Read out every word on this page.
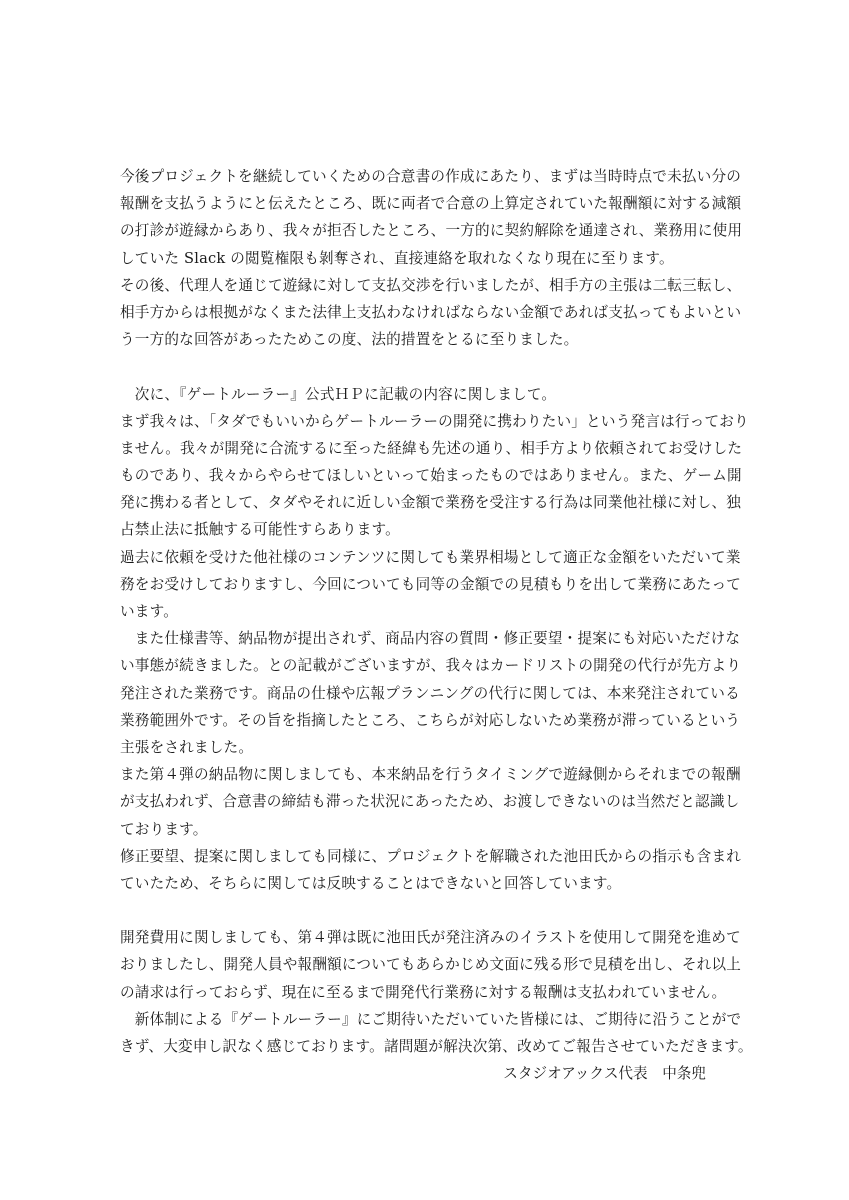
今後プロジェクトを継続していくための合意書の作成にあたり、まずは当時時点で未払い分の
報酬を支払うようにと伝えたところ、既に両者で合意の上算定されていた報酬額に対する減額
の打診が遊縁からあり、我々が拒否したところ、一方的に契約解除を通達され、業務用に使用
していた Slack の閲覧権限も剝奪され、直接連絡を取れなくなり現在に至ります。
その後、代理人を通じて遊縁に対して支払交渉を行いましたが、相手方の主張は二転三転し、
相手方からは根拠がなくまた法律上支払わなければならない金額であれば支払ってもよいとい
う一方的な回答があったためこの度、法的措置をとるに至りました。
　次に、『ゲートルーラー』公式ＨＰに記載の内容に関しまして。
まず我々は、「タダでもいいからゲートルーラーの開発に携わりたい」という発言は行っており
ません。我々が開発に合流するに至った経緯も先述の通り、相手方より依頼されてお受けした
ものであり、我々からやらせてほしいといって始まったものではありません。また、ゲーム開
発に携わる者として、タダやそれに近しい金額で業務を受注する行為は同業他社様に対し、独
占禁止法に抵触する可能性すらあります。
過去に依頼を受けた他社様のコンテンツに関しても業界相場として適正な金額をいただいて業
務をお受けしておりますし、今回についても同等の金額での見積もりを出して業務にあたって
います。
　また仕様書等、納品物が提出されず、商品内容の質問・修正要望・提案にも対応いただけな
い事態が続きました。との記載がございますが、我々はカードリストの開発の代行が先方より
発注された業務です。商品の仕様や広報プランニングの代行に関しては、本来発注されている
業務範囲外です。その旨を指摘したところ、こちらが対応しないため業務が滞っているという
主張をされました。
また第４弾の納品物に関しましても、本来納品を行うタイミングで遊縁側からそれまでの報酬
が支払われず、合意書の締結も滞った状況にあったため、お渡しできないのは当然だと認識し
ております。
修正要望、提案に関しましても同様に、プロジェクトを解職された池田氏からの指示も含まれ
ていたため、そちらに関しては反映することはできないと回答しています。
開発費用に関しましても、第４弾は既に池田氏が発注済みのイラストを使用して開発を進めて
おりましたし、開発人員や報酬額についてもあらかじめ文面に残る形で見積を出し、それ以上
の請求は行っておらず、現在に至るまで開発代行業務に対する報酬は支払われていません。
　新体制による『ゲートルーラー』にご期待いただいていた皆様には、ご期待に沿うことがで
きず、大変申し訳なく感じております。諸問題が解決次第、改めてご報告させていただきます。
スタジオアックス代表　中条兜
